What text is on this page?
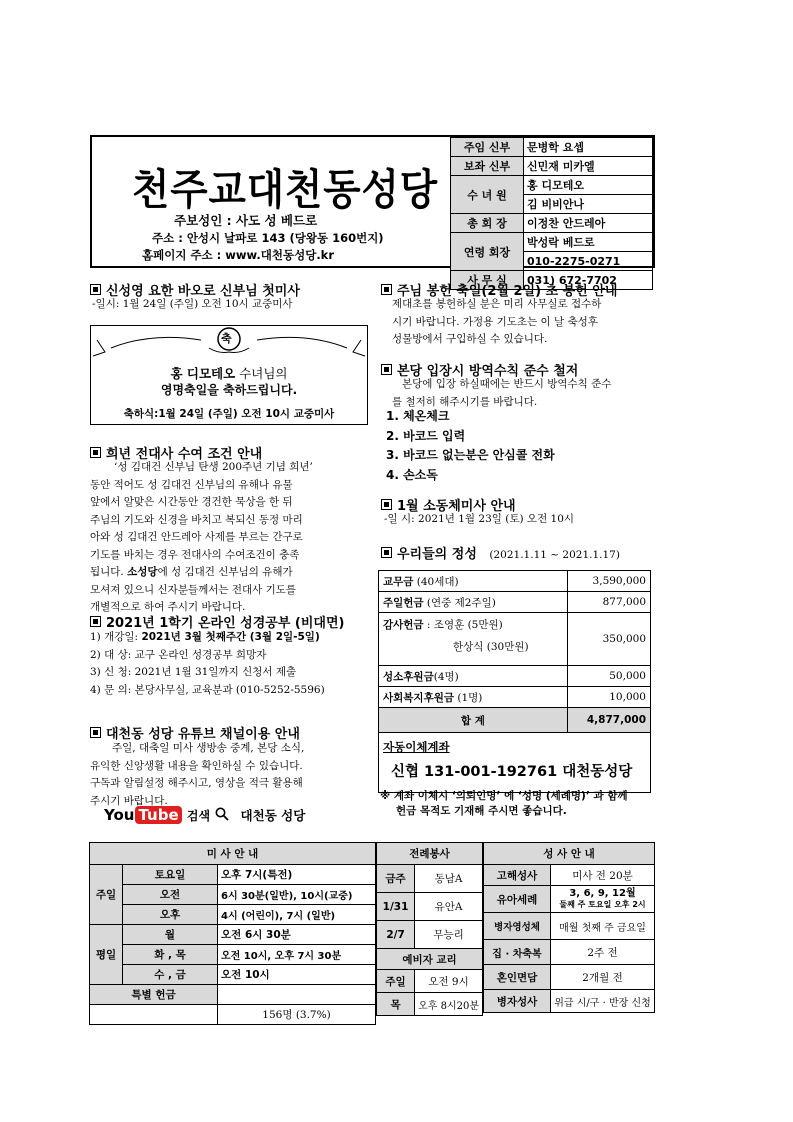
천주교대천동성당
주보성인 : 사도 성 베드로
주소 : 안성시 날파로 143 (당왕동 160번지)
홈페이지 주소 : www.대천동성당.kr
주임 신부	문병학 요셉
보좌 신부	신민재 미카엘
수 녀 원	홍 디모테오
	김 비비안나
총 회 장	이정찬 안드레아
연령 회장	박성락 베드로
	010-2275-0271
사 무 실	031) 672-7702
신성영 요한 바오로 신부님 첫미사
-일시: 1월 24일 (주일) 오전 10시 교중미사
축
홍 디모테오 수녀님의
영명축일을 축하드립니다.
축하식:1월 24일 (주일) 오전 10시 교중미사
희년 전대사 수여 조건 안내
‘성 김대건 신부님 탄생 200주년 기념 희년’
동안 적어도 성 김대건 신부님의 유해나 유물
앞에서 알맞은 시간동안 경건한 묵상을 한 뒤
주님의 기도와 신경을 바치고 복되신 동정 마리
아와 성 김대건 안드레아 사제를 부르는 간구로
기도를 바치는 경우 전대사의 수여조건이 충족
됩니다. 소성당에 성 김대건 신부님의 유해가
모셔져 있으니 신자분들께서는 전대사 기도를
개별적으로 하여 주시기 바랍니다.
2021년 1학기 온라인 성경공부 (비대면)
1) 개강일: 2021년 3월 첫째주간 (3월 2일-5일)
2) 대 상: 교구 온라인 성경공부 희망자
3) 신 청: 2021년 1월 31일까지 신청서 제출
4) 문 의: 본당사무실, 교육분과 (010-5252-5596)
대천동 성당 유튜브 채널이용 안내
주일, 대축일 미사 생방송 중계, 본당 소식,
유익한 신앙생활 내용을 확인하실 수 있습니다.
구독과 알림설정 해주시고, 영상을 적극 활용해
주시기 바랍니다.
You Tube 검색 대천동 성당
주님 봉헌 축일(2월 2일) 초 봉헌 안내
제대초를 봉헌하실 분은 미리 사무실로 접수하
시기 바랍니다. 가정용 기도초는 이 날 축성후
성물방에서 구입하실 수 있습니다.
본당 입장시 방역수칙 준수 철저
본당에 입장 하실때에는 반드시 방역수칙 준수
를 철저히 해주시기를 바랍니다.
1. 체온체크
2. 바코드 입력
3. 바코드 없는분은 안심콜 전화
4. 손소독
1월 소동체미사 안내
-일 시: 2021년 1월 23일 (토) 오전 10시
우리들의 정성 (2021.1.11 ~ 2021.1.17)
교무금 (40세대)	3,590,000
주일헌금 (연중 제2주일)	877,000

감사헌금 : 조영훈 (5만원)
한상식 (30만원)	350,000
성소후원금(4명)	50,000
사회복지후원금 (1명)	10,000
합 계	4,877,000

자동이체계좌
신협 131-001-192761 대천동성당	
※ 계좌 이체시 ‘의뢰인명’ 에 ‘성명 (세례명)’ 과 함께
헌금 목적도 기재해 주시면 좋습니다.
미 사 안 내		
주일	토요일	오후 7시(특전)
	오전	6시 30분(일반), 10시(교중)
	오후	4시 (어린이), 7시 (일반)
평일	월	오전 6시 30분
	화 , 목	오전 10시, 오후 7시 30분
	수 , 금	오전 10시
특별 헌금		
		156명 (3.7%)
전례봉사	
금주	동남A
1/31	유안A
2/7	무능리
예비자 교리	
주일	오전 9시
목	오후 8시20분
성 사 안 내	
고해성사	미사 전 20분
유아세례	3, 6, 9, 12월
둘째 주 토요일 오후 2시

병자영성체	매월 첫째 주 금요일
집 · 차축복	2주 전
혼인면담	2개월 전
병자성사	위급 시/구 · 반장 신청
